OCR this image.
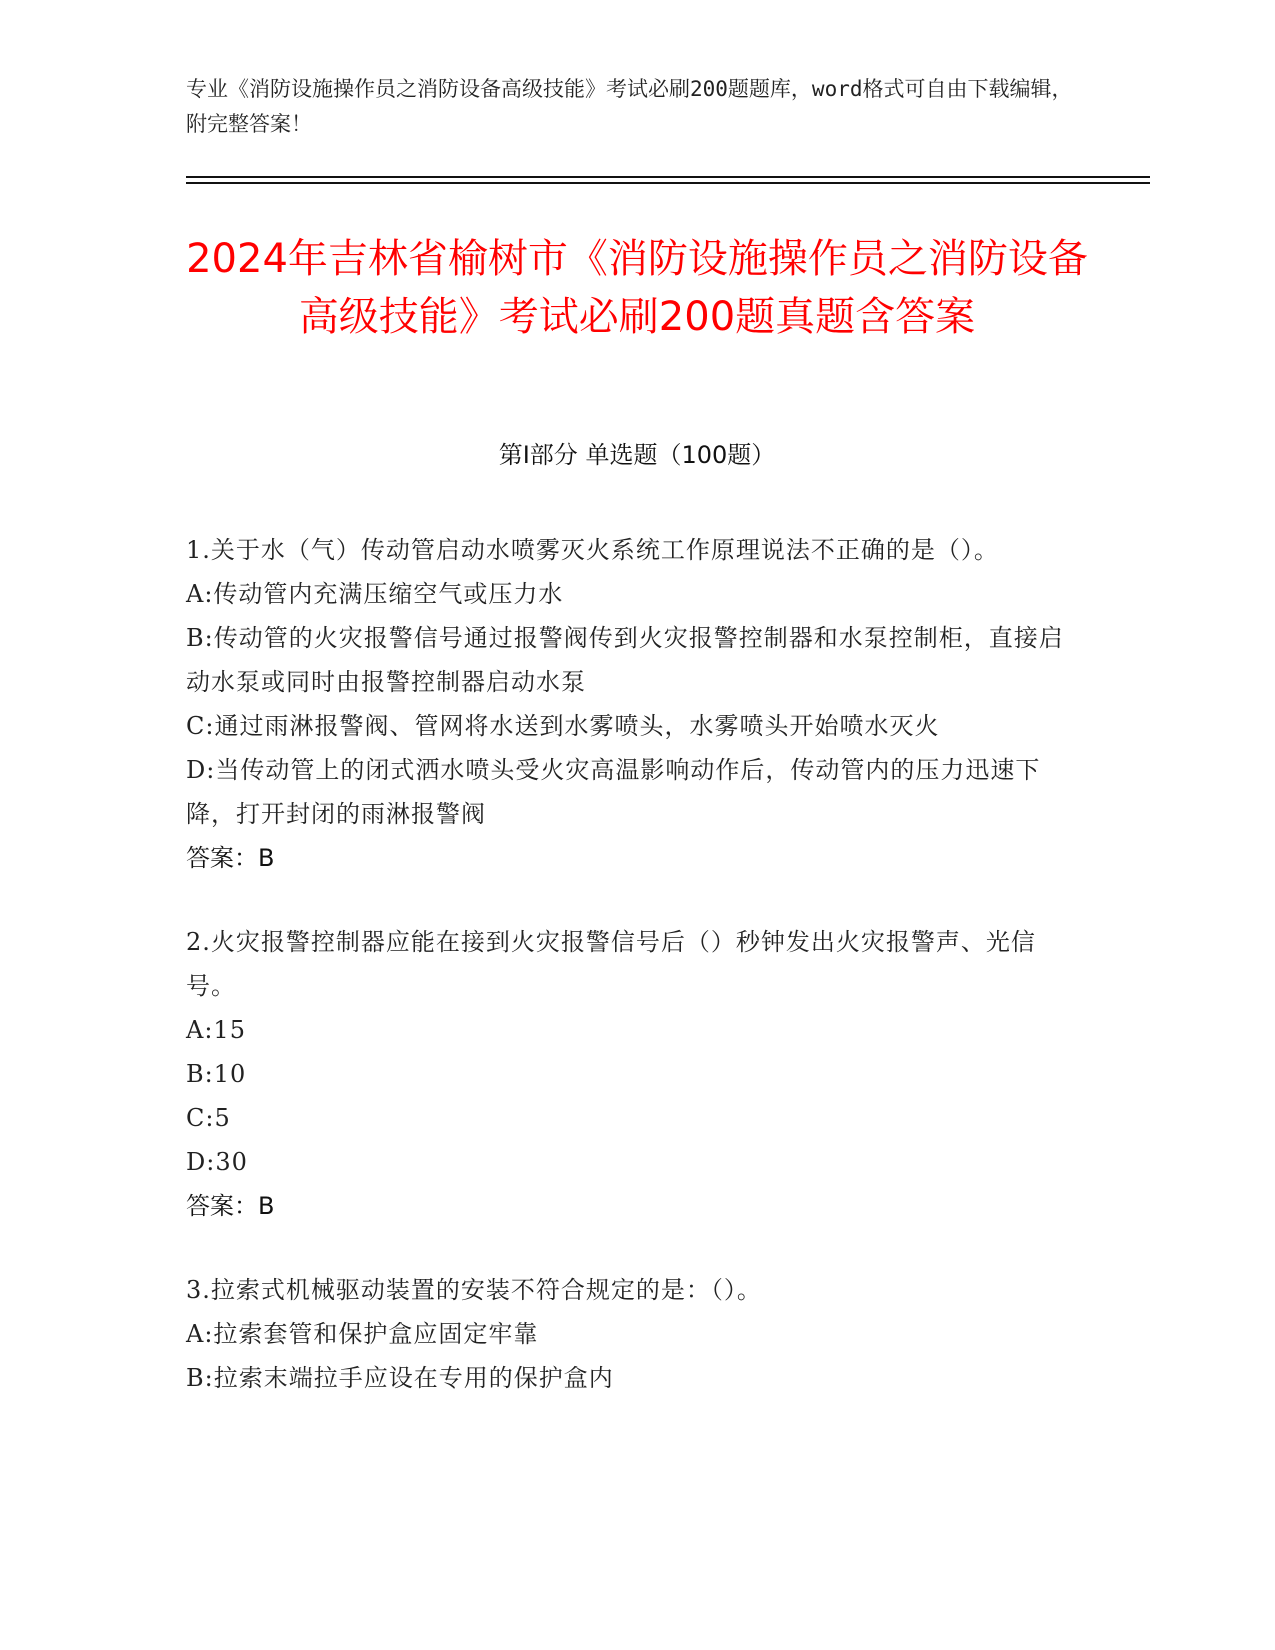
专业《消防设施操作员之消防设备高级技能》考试必刷200题题库，word格式可自由下载编辑，附完整答案！

2024年吉林省榆树市《消防设施操作员之消防设备高级技能》考试必刷200题真题含答案
第I部分 单选题（100题）

1.关于水（气）传动管启动水喷雾灭火系统工作原理说法不正确的是（）。

A:传动管内充满压缩空气或压力水

B:传动管的火灾报警信号通过报警阀传到火灾报警控制器和水泵控制柜，直接启动水泵或同时由报警控制器启动水泵

C:通过雨淋报警阀、管网将水送到水雾喷头，水雾喷头开始喷水灭火

D:当传动管上的闭式洒水喷头受火灾高温影响动作后，传动管内的压力迅速下降，打开封闭的雨淋报警阀

答案：B

2.火灾报警控制器应能在接到火灾报警信号后（）秒钟发出火灾报警声、光信号。

A:15

B:10

C:5

D:30

答案：B

3.拉索式机械驱动装置的安装不符合规定的是：（）。

A:拉索套管和保护盒应固定牢靠

B:拉索末端拉手应设在专用的保护盒内
